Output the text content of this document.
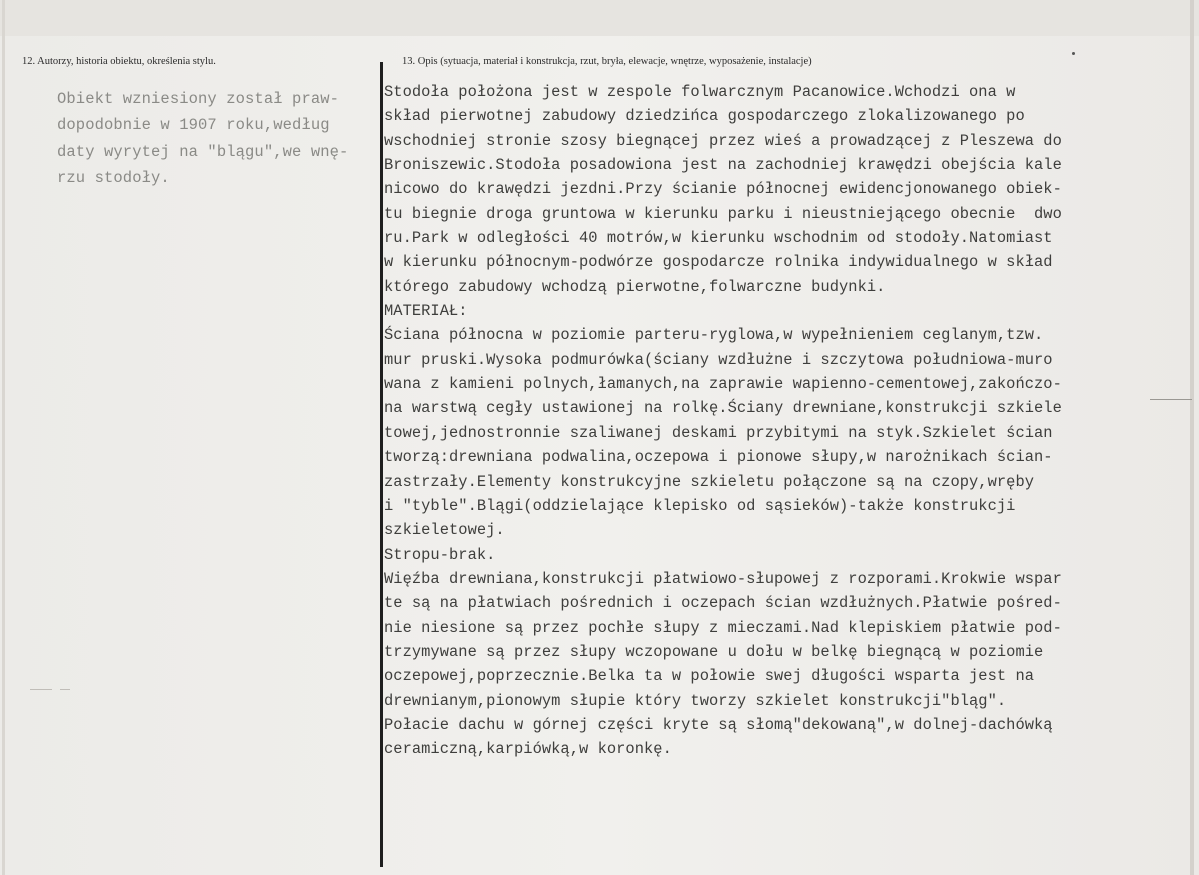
12. Autorzy, historia obiektu, określenia stylu.	13. Opis (sytuacja, materiał i konstrukcja, rzut, bryła, elewacje, wnętrze, wyposażenie, instalacje)
Obiekt wzniesiony został praw-
dopodobnie w 1907 roku,według
daty wyrytej na "blągu",we wnę-
rzu stodoły.
Stodoła położona jest w zespole folwarcznym Pacanowice.Wchodzi ona w
skład pierwotnej zabudowy dziedzińca gospodarczego zlokalizowanego po
wschodniej stronie szosy biegnącej przez wieś a prowadzącej z Pleszewa do
Broniszewic.Stodoła posadowiona jest na zachodniej krawędzi obejścia kale
nicowo do krawędzi jezdni.Przy ścianie północnej ewidencjonowanego obiek-
tu biegnie droga gruntowa w kierunku parku i nieustniejącego obecnie  dwo
ru.Park w odległości 40 motrów,w kierunku wschodnim od stodoły.Natomiast
w kierunku północnym-podwórze gospodarcze rolnika indywidualnego w skład
którego zabudowy wchodzą pierwotne,folwarczne budynki.
MATERIAŁ:
Ściana północna w poziomie parteru-ryglowa,w wypełnieniem ceglanym,tzw.
mur pruski.Wysoka podmurówka(ściany wzdłużne i szczytowa południowa-muro
wana z kamieni polnych,łamanych,na zaprawie wapienno-cementowej,zakończo-
na warstwą cegły ustawionej na rolkę.Ściany drewniane,konstrukcji szkiele
towej,jednostronnie szaliwanej deskami przybitymi na styk.Szkielet ścian
tworzą:drewniana podwalina,oczepowa i pionowe słupy,w narożnikach ścian-
zastrzały.Elementy konstrukcyjne szkieletu połączone są na czopy,wręby
i "tyble".Blągi(oddzielające klepisko od sąsieków)-także konstrukcji
szkieletowej.
Stropu-brak.
Więźba drewniana,konstrukcji płatwiowo-słupowej z rozporami.Krokwie wspar
te są na płatwiach pośrednich i oczepach ścian wzdłużnych.Płatwie pośred-
nie niesione są przez pochłe słupy z mieczami.Nad klepiskiem płatwie pod-
trzymywane są przez słupy wczopowane u dołu w belkę biegnącą w poziomie
oczepowej,poprzecznie.Belka ta w połowie swej długości wsparta jest na
drewnianym,pionowym słupie który tworzy szkielet konstrukcji"bląg".
Połacie dachu w górnej części kryte są słomą"dekowaną",w dolnej-dachówką
ceramiczną,karpiówką,w koronkę.
